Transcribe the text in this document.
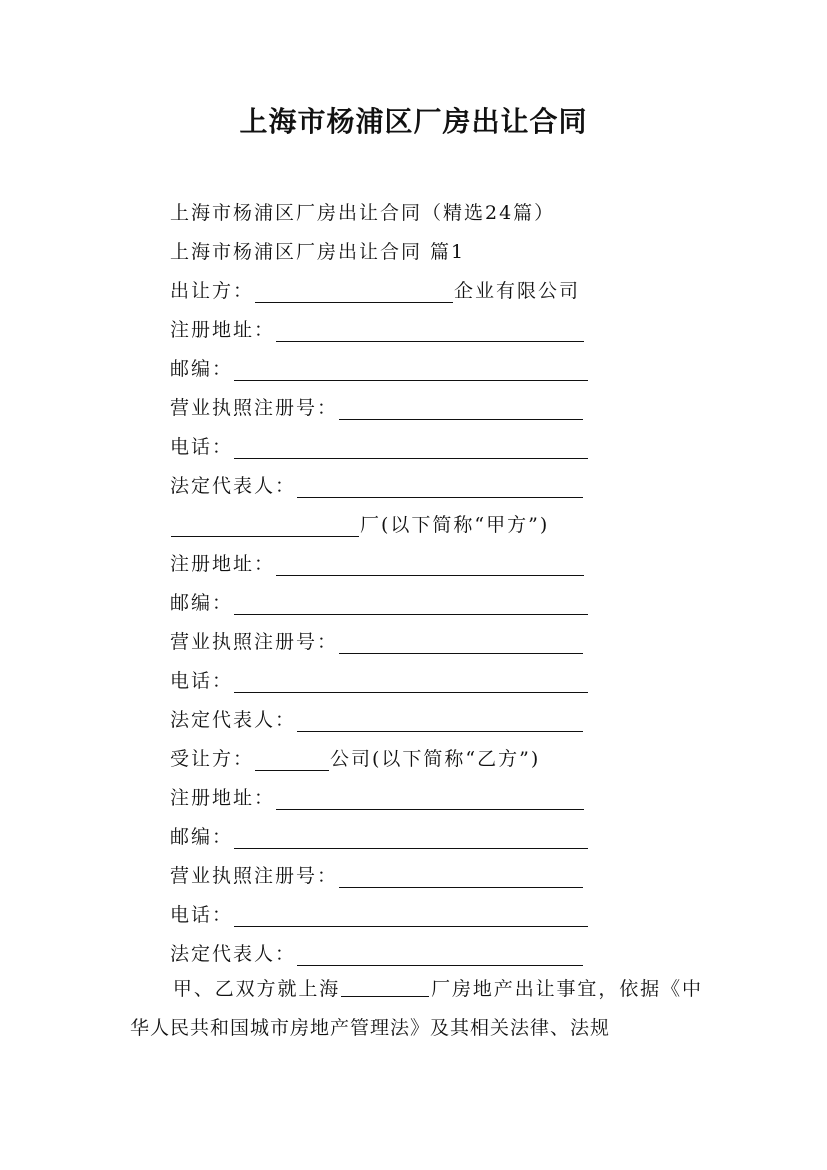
上海市杨浦区厂房出让合同
上海市杨浦区厂房出让合同（精选24篇）
上海市杨浦区厂房出让合同 篇1
出让方：	企业有限公司
注册地址：
邮编：
营业执照注册号：
电话：
法定代表人：
厂(以下简称“甲方”)
注册地址：
邮编：
营业执照注册号：
电话：
法定代表人：
受让方：	公司(以下简称“乙方”)
注册地址：
邮编：
营业执照注册号：
电话：
法定代表人：
甲、乙双方就上海	厂房地产出让事宜，依据《中华人民共和国城市房地产管理法》及其相关法律、法规
